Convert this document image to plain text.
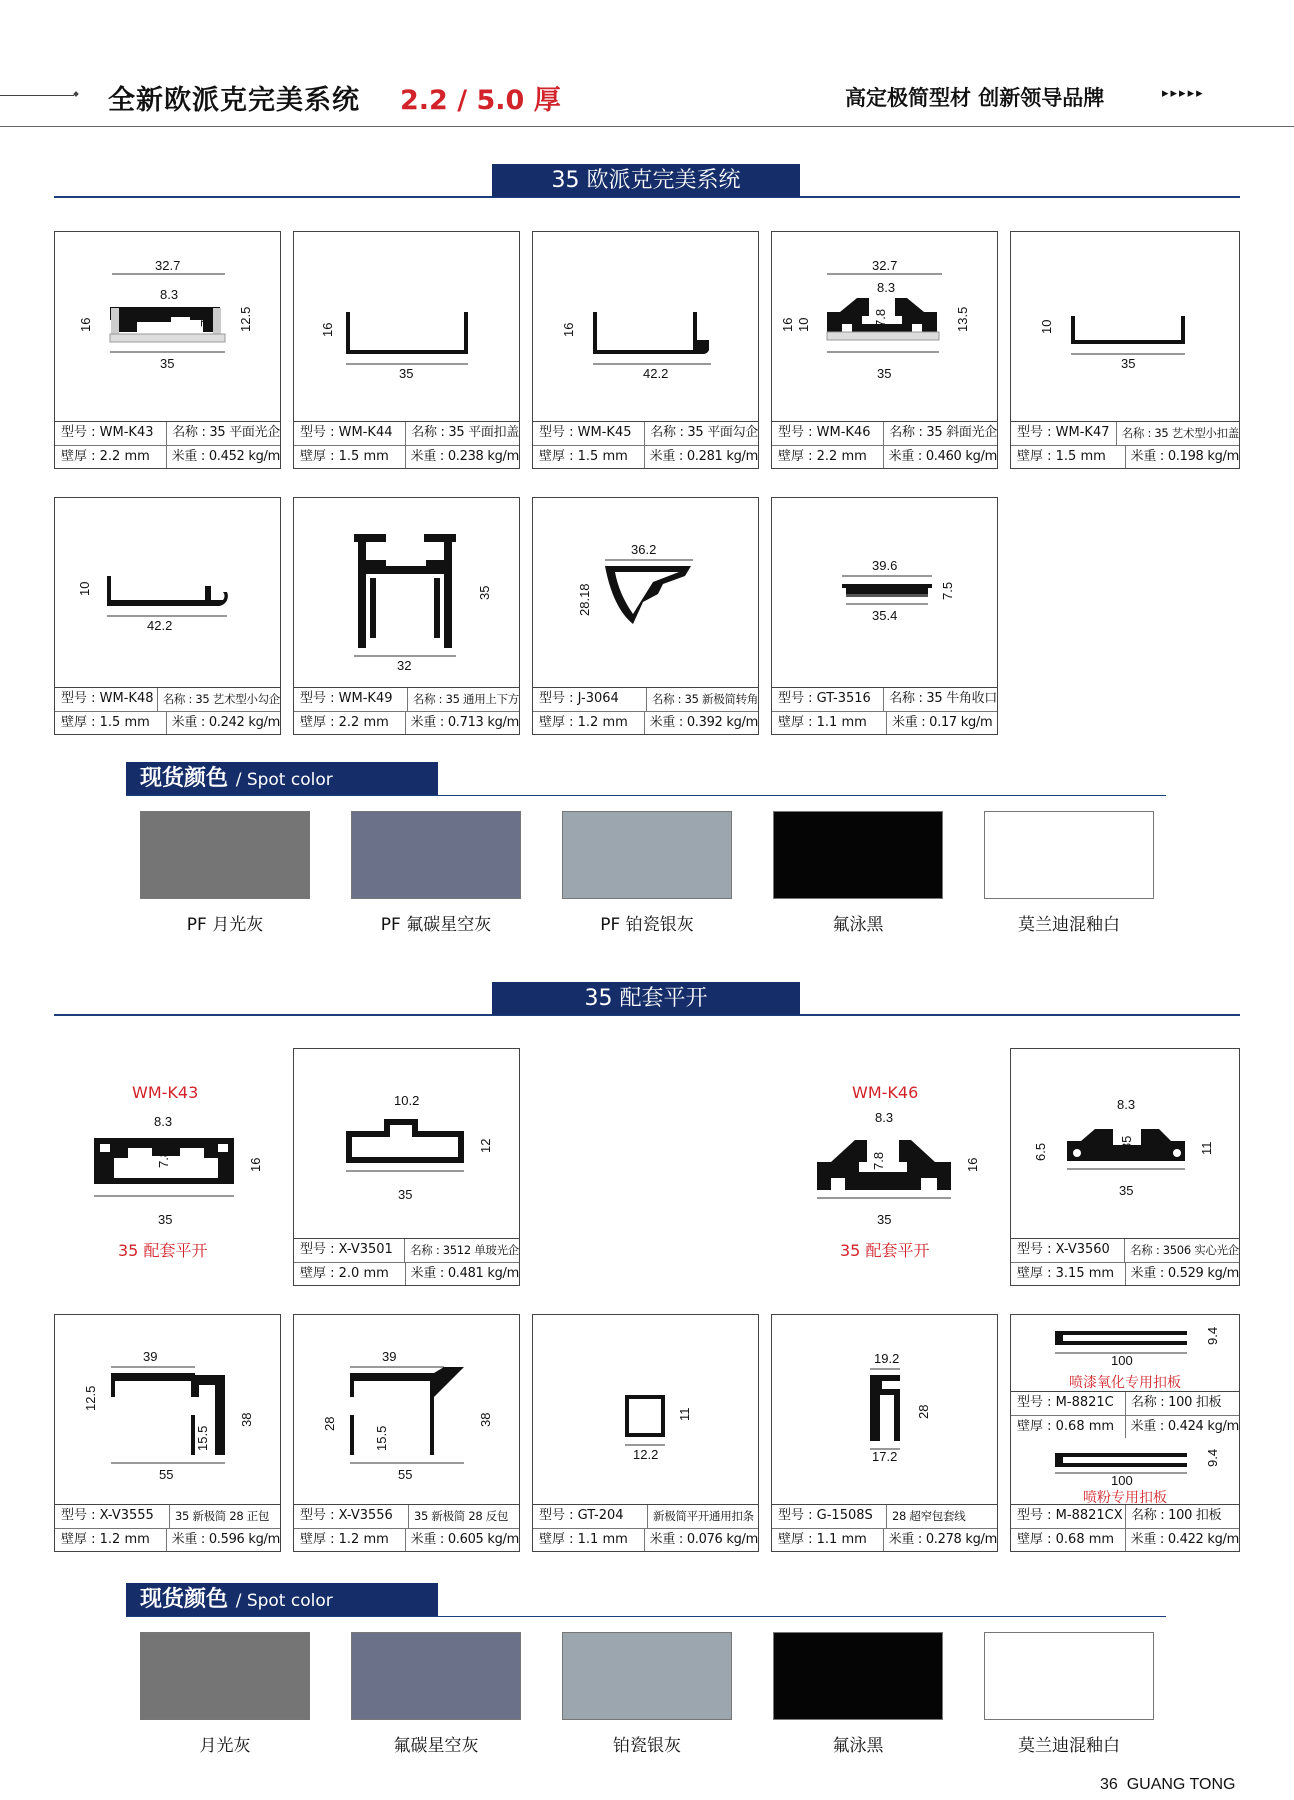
全新欧派克完美系统 2.2 / 5.0 厚	高定极简型材 创新领导品牌	▸▸▸▸▸
35 欧派克完美系统
32.7
8.3
16	12.5
7.8
35
型号 : WM-K43	名称 : 35 平面光企
壁厚 : 2.2 mm	米重 : 0.452 kg/m
16
35
型号 : WM-K44	名称 : 35 平面扣盖
壁厚 : 1.5 mm	米重 : 0.238 kg/m
16
42.2
型号 : WM-K45	名称 : 35 平面勾企
壁厚 : 1.5 mm	米重 : 0.281 kg/m
32.7
8.3
16 10	13.5
7.8
35
型号 : WM-K46	名称 : 35 斜面光企
壁厚 : 2.2 mm	米重 : 0.460 kg/m
10
35
型号 : WM-K47	名称 : 35 艺术型小扣盖
壁厚 : 1.5 mm	米重 : 0.198 kg/m
10
42.2
型号 : WM-K48 名称 : 35 艺术型小勾企
壁厚 : 1.5 mm	米重 : 0.242 kg/m
35
32
型号 : WM-K49	名称 : 35 通用上下方
壁厚 : 2.2 mm	米重 : 0.713 kg/m
36.2
28.18
型号 : J-3064	名称 : 35 新极简转角
壁厚 : 1.2 mm	米重 : 0.392 kg/m
39.6
7.5
35.4
型号 : GT-3516	名称 : 35 牛角收口
壁厚 : 1.1 mm	米重 : 0.17 kg/m
现货颜色 / Spot color
PF 月光灰	PF 氟碳星空灰	PF 铂瓷银灰	氟泳黑	莫兰迪混釉白
35 配套平开
WM-K43
8.3
7.8	16
35
35 配套平开
10.2
12
35
型号 : X-V3501	名称 : 3512 单玻光企
壁厚 : 2.0 mm	米重 : 0.481 kg/m
WM-K46
8.3
7.8	16
35
35 配套平开
8.3
6.5	7.85	11
35
型号 : X-V3560	名称 : 3506 实心光企
壁厚 : 3.15 mm	米重 : 0.529 kg/m
39
12.5
15.5
38
55
型号 : X-V3555	35 新极简 28 正包
壁厚 : 1.2 mm	米重 : 0.596 kg/m
39
28
15.5
38
55
型号 : X-V3556	35 新极简 28 反包
壁厚 : 1.2 mm	米重 : 0.605 kg/m
11
12.2
型号 : GT-204	新极简平开通用扣条
壁厚 : 1.1 mm	米重 : 0.076 kg/m
19.2
28
17.2
型号 : G-1508S	28 超窄包套线
壁厚 : 1.1 mm	米重 : 0.278 kg/m
9.4
100
喷漆氧化专用扣板
型号 : M-8821C	名称 : 100 扣板
壁厚 : 0.68 mm	米重 : 0.424 kg/m
9.4
100
喷粉专用扣板
型号 : M-8821CX 名称 : 100 扣板
壁厚 : 0.68 mm	米重 : 0.422 kg/m
现货颜色 / Spot color
月光灰	氟碳星空灰	铂瓷银灰	氟泳黑	莫兰迪混釉白
36 GUANG TONG
